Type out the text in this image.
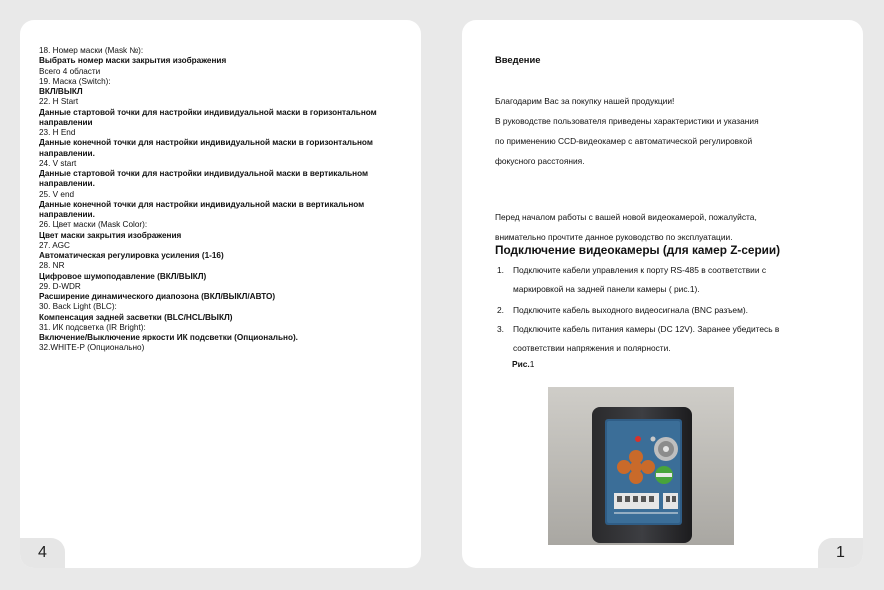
18. Номер маски (Mask №):
Выбрать номер маски закрытия изображения
Всего 4 области
19. Маска (Switch):
ВКЛ/ВЫКЛ
22. H Start
Данные стартовой точки для настройки индивидуальной маски в горизонтальном
направлении
23. H End
Данные конечной точки для настройки индивидуальной маски в горизонтальном
направлении.
24. V start
Данные стартовой точки для настройки индивидуальной маски в вертикальном
направлении.
25. V end
Данные конечной точки для настройки индивидуальной маски в вертикальном
направлении.
26. Цвет маски (Mask Color):
Цвет маски закрытия изображения
27. AGC
Автоматическая регулировка усиления (1-16)
28. NR
Цифровое шумоподавление (ВКЛ/ВЫКЛ)
29. D-WDR
Расширение динамического диапозона (ВКЛ/ВЫКЛ/АВТО)
30. Back Light (BLC):
Компенсация задней засветки (BLC/HCL/ВЫКЛ)
31. ИК подсветка (IR Bright):
Включение/Выключение яркости ИК подсветки (Опционально).
32.WHITE-P (Опционально)
4
Введение
Благодарим Вас за покупку нашей продукции!
В руководстве пользователя приведены характеристики и указания
по применению CCD-видеокамер с автоматической регулировкой
фокусного расстояния.
Перед началом работы с вашей новой видеокамерой, пожалуйста,
внимательно прочтите данное руководство по эксплуатации.
Подключение видеокамеры (для камер Z-серии)
1. Подключите кабели управления к порту RS-485 в соответствии с
маркировкой на задней панели камеры ( рис.1).
2. Подключите кабель выходного видеосигнала (BNC разъем).
3. Подключите кабель питания камеры (DC 12V). Заранее убедитесь в
соответствии напряжения и полярности.
Рис.1
1
